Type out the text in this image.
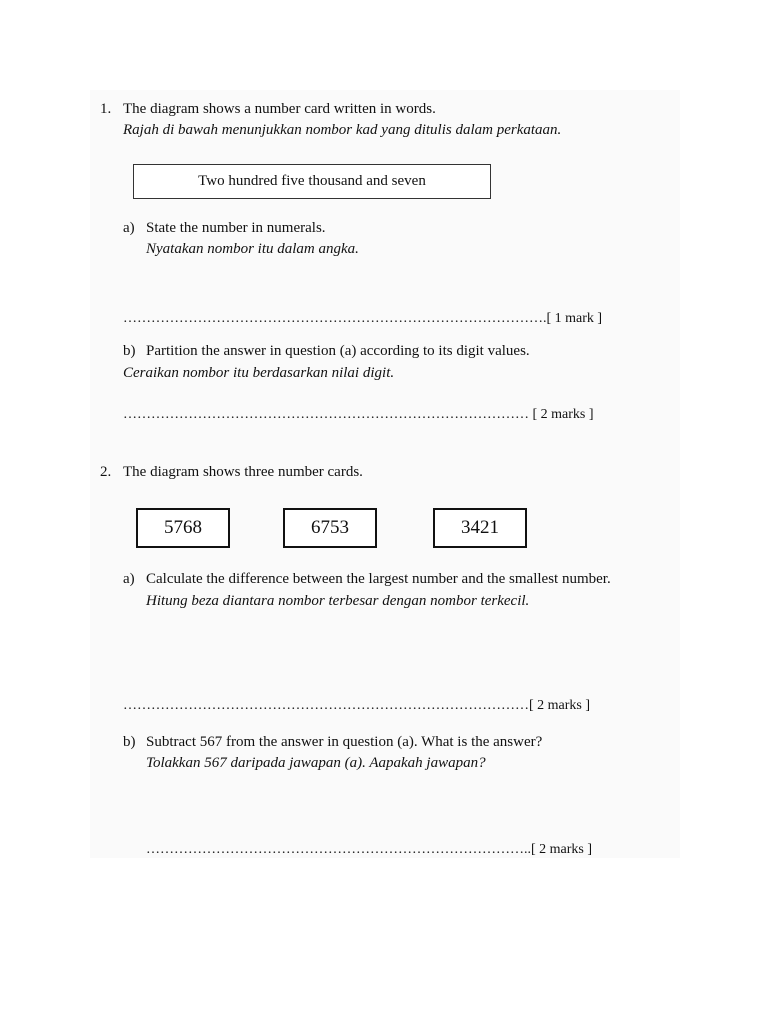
1. The diagram shows a number card written in words.
Rajah di bawah menunjukkan nombor kad yang ditulis dalam perkataan.
Two hundred five thousand and seven
a) State the number in numerals.
Nyatakan nombor itu dalam angka.
……………………………………………………………………………….[ 1 mark ]
b) Partition the answer in question (a) according to its digit values.
Ceraikan nombor itu berdasarkan nilai digit.
…………………………………………………………………………… [ 2 marks ]
2. The diagram shows three number cards.
5768	6753	3421
a) Calculate the difference between the largest number and the smallest number.
Hitung beza diantara nombor terbesar dengan nombor terkecil.
……………………………………………………………………………[ 2 marks ]
b) Subtract 567 from the answer in question (a). What is the answer?
Tolakkan 567 daripada jawapan (a). Aapakah jawapan?
………………………………………………………………………..[ 2 marks ]
